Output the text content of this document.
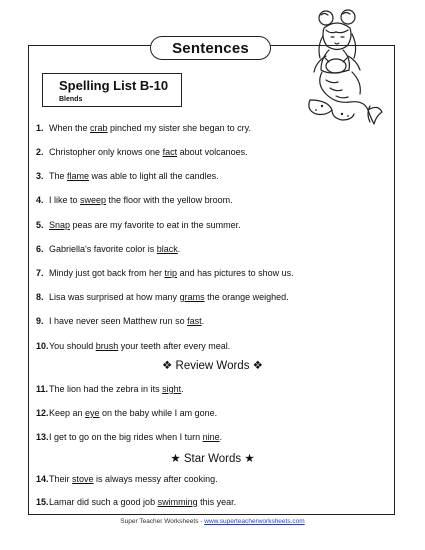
Sentences
Spelling List B-10
Blends
1. When the crab pinched my sister she began to cry.
2. Christopher only knows one fact about volcanoes.
3. The flame was able to light all the candles.
4. I like to sweep the floor with the yellow broom.
5. Snap peas are my favorite to eat in the summer.
6. Gabriella's favorite color is black.
7. Mindy just got back from her trip and has pictures to show us.
8. Lisa was surprised at how many grams the orange weighed.
9. I have never seen Matthew run so fast.
10.You should brush your teeth after every meal.
11.The lion had the zebra in its sight.
12.Keep an eye on the baby while I am gone.
13.I get to go on the big rides when I turn nine.
14.Their stove is always messy after cooking.
15.Lamar did such a good job swimming this year.
❖ Review Words ❖
★ Star Words ★
Super Teacher Worksheets - www.superteacherworksheets.com
